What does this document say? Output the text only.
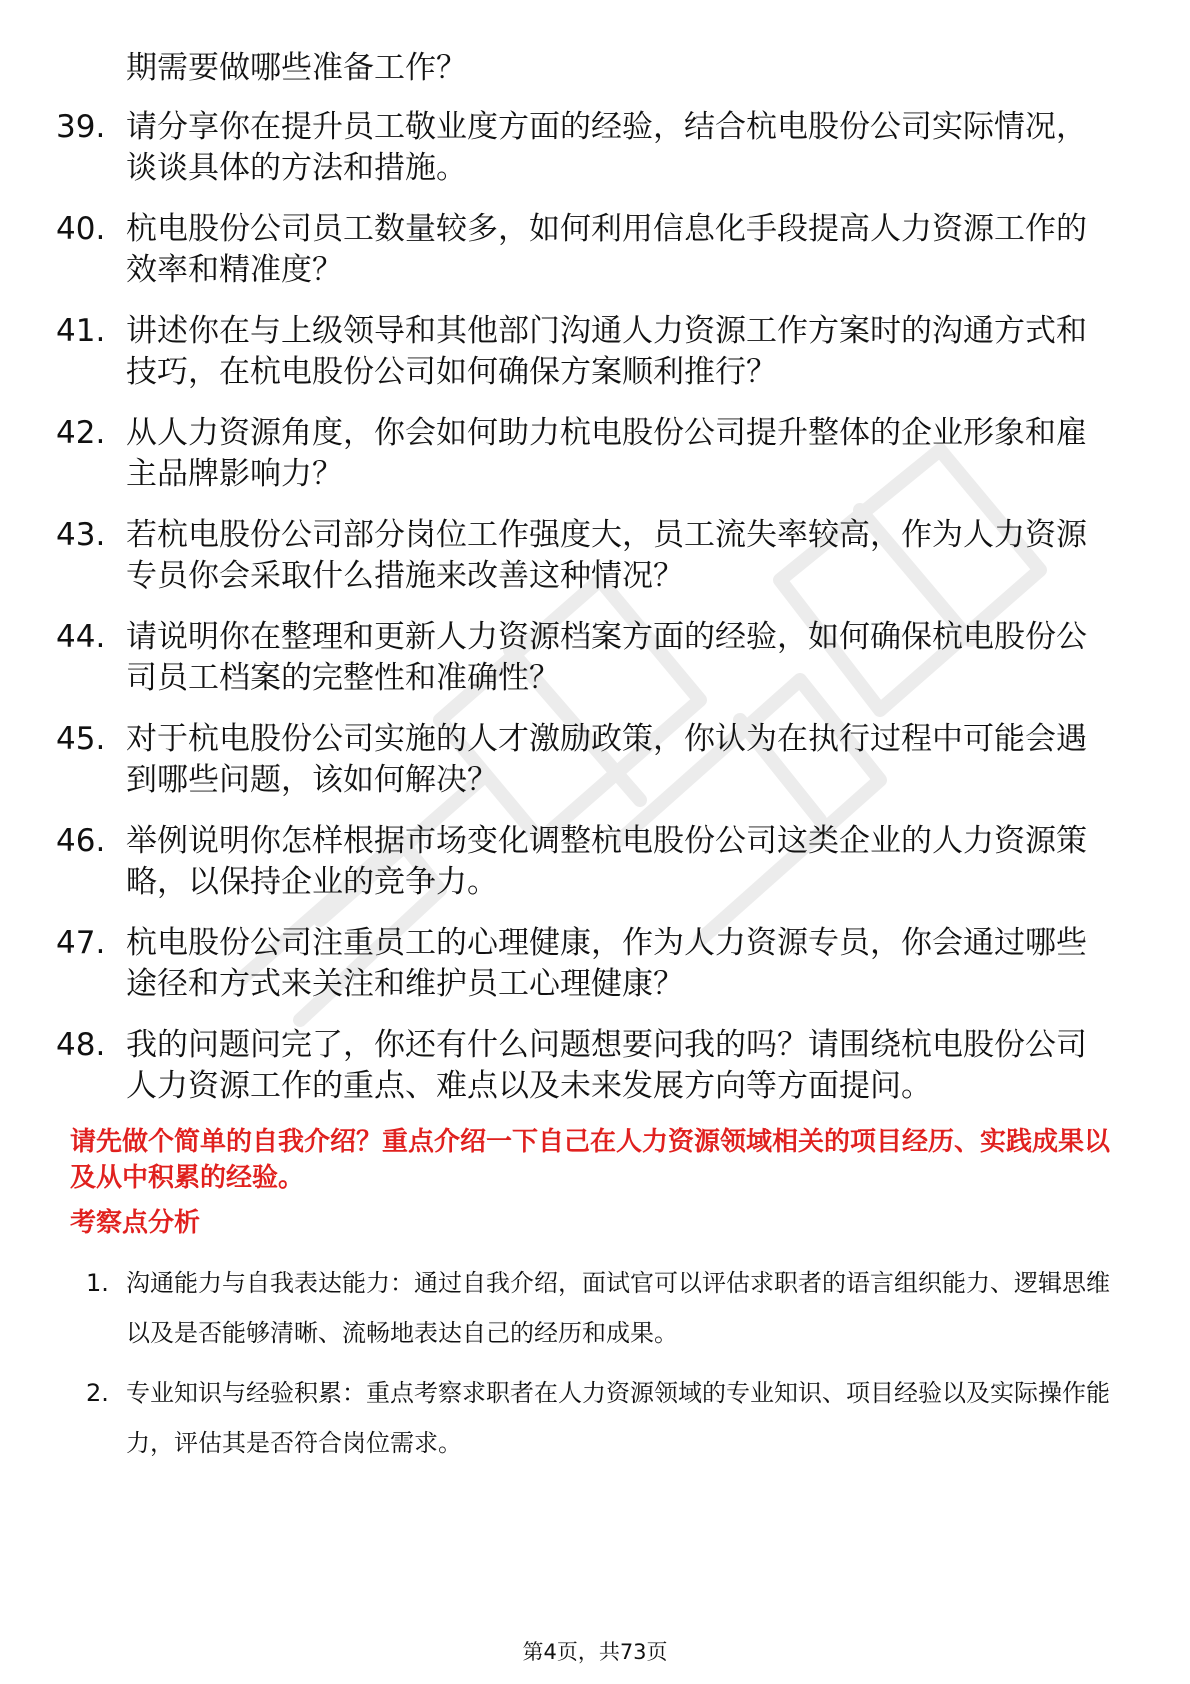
期需要做哪些准备工作？
39. 请分享你在提升员工敬业度方面的经验，结合杭电股份公司实际情况，谈谈具体的方法和措施。
40. 杭电股份公司员工数量较多，如何利用信息化手段提高人力资源工作的效率和精准度？
41. 讲述你在与上级领导和其他部门沟通人力资源工作方案时的沟通方式和技巧，在杭电股份公司如何确保方案顺利推行？
42. 从人力资源角度，你会如何助力杭电股份公司提升整体的企业形象和雇主品牌影响力？
43. 若杭电股份公司部分岗位工作强度大，员工流失率较高，作为人力资源专员你会采取什么措施来改善这种情况？
44. 请说明你在整理和更新人力资源档案方面的经验，如何确保杭电股份公司员工档案的完整性和准确性？
45. 对于杭电股份公司实施的人才激励政策，你认为在执行过程中可能会遇到哪些问题，该如何解决？
46. 举例说明你怎样根据市场变化调整杭电股份公司这类企业的人力资源策略，以保持企业的竞争力。
47. 杭电股份公司注重员工的心理健康，作为人力资源专员，你会通过哪些途径和方式来关注和维护员工心理健康？
48. 我的问题问完了，你还有什么问题想要问我的吗？请围绕杭电股份公司人力资源工作的重点、难点以及未来发展方向等方面提问。
请先做个简单的自我介绍？重点介绍一下自己在人力资源领域相关的项目经历、实践成果以及从中积累的经验。
考察点分析
1. 沟通能力与自我表达能力：通过自我介绍，面试官可以评估求职者的语言组织能力、逻辑思维以及是否能够清晰、流畅地表达自己的经历和成果。
2. 专业知识与经验积累：重点考察求职者在人力资源领域的专业知识、项目经验以及实际操作能力，评估其是否符合岗位需求。
第4页，共73页
